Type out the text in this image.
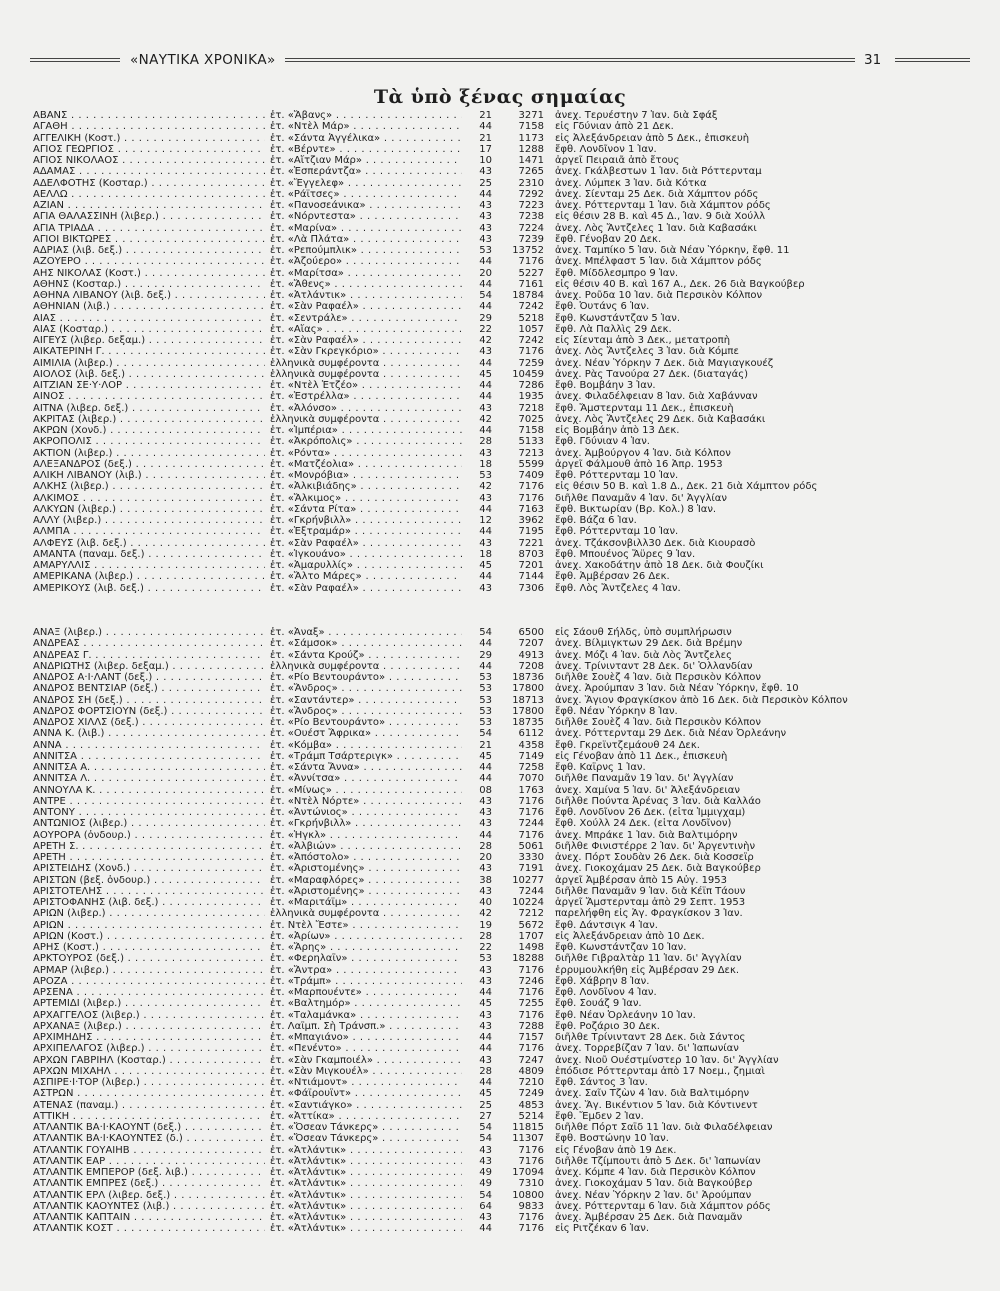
«ΝΑΥΤΙΚΑ ΧΡΟΝΙΚΑ»	31
Τὰ ὑπὸ ξένας σημαίας
ΑΒΑΝΣ . . .	ἐτ. «Ἄβανς» . . .	21	3271 ἀνεχ. Τερυέστην 7 Ἰαν. διὰ Σφάξ
ΑΓΑΘΗ . . .	ἐτ. «Ντὲλ Μάρ» . . .	44	7158 εἰς Γδύνιαν ἀπὸ 21 Δεκ.
ΑΓΓΕΛΙΚΗ (Κοστ.) . . .	ἐτ. «Σάντα Ἀγγέλικα» . . .	21	1173 εἰς Ἀλεξάνδρειαν ἀπὸ 5 Δεκ., ἐπισκευὴ
ΑΓΙΟΣ ΓΕΩΡΓΙΟΣ . . .	ἐτ. «Βέρντε» . . .	17	1288 ἔφθ. Λονδῖνον 1 Ἰαν.
ΑΓΙΟΣ ΝΙΚΟΛΑΟΣ . . .	ἐτ. «Αἴτζιαν Μάρ» . . .	10	1471 ἀργεῖ Πειραιᾶ ἀπὸ ἔτους
ΑΔΑΜΑΣ . . .	ἐτ. «Ἐσπεράντζα» . . .	43	7265 ἀνεχ. Γκάλβεστων 1 Ἰαν. διὰ Ρόττερνταμ
ΑΔΕΛΦΟΤΗΣ (Κοσταρ.) . . .	ἐτ. «Ἔγγελεφ» . . .	25	2310 ἀνεχ. Λύμπεκ 3 Ἰαν. διὰ Κότκα
ΑΕΛΛΩ . . .	ἐτ. «Ράϊτσες» . . .	44	7292 ἀνεχ. Σίενταμ 25 Δεκ. διὰ Χάμπτον ρόδς
ΑΖΙΑΝ . . .	ἐτ. «Πανοσεάνικα» . . .	43	7223 ἀνεχ. Ρόττερνταμ 1 Ἰαν. διὰ Χάμπτον ρόδς
ΑΓΙΑ ΘΑΛΑΣΣΙΝΗ (λιβερ.) . . .	ἐτ. «Νόρντεστα» . . .	43	7238 εἰς θέσιν 28 Β. καὶ 45 Δ., Ἰαν. 9 διὰ Χούλλ
ΑΓΙΑ ΤΡΙΑΔΑ . . .	ἐτ. «Μαρίνα» . . .	43	7224 ἀνεχ. Λὸς Ἄντζελες 1 Ἰαν. διὰ Καβασάκι
ΑΓΙΟΙ ΒΙΚΤΩΡΕΣ . . .	ἐτ. «Λὰ Πλάτα» . . .	43	7239 ἔφθ. Γένοβαν 20 Δεκ.
ΑΔΡΙΑΣ (λιβ. δεξ.) . . .	ἐτ. «Ρεπούμπλικ» . . .	53	13752 ἀνεχ. Ταμπίκο 5 Ἰαν. διὰ Νέαν Ὑόρκην, ἔφθ. 11
ΑΖΟΥΕΡΟ . . .	ἐτ. «Ἀζούερο» . . .	44	7176 ἀνεχ. Μπέλφαστ 5 Ἰαν. διὰ Χάμπτον ρόδς
ΑΗΣ ΝΙΚΟΛΑΣ (Κοστ.) . . .	ἐτ. «Μαρίτσα» . . .	20	5227 ἔφθ. Μίδδλεσμπρο 9 Ἰαν.
ΑΘΗΝΣ (Κοσταρ.) . . .	ἐτ. «Ἄθενς» . . .	44	7161 εἰς θέσιν 40 Β. καὶ 167 Α., Δεκ. 26 διὰ Βαγκούβερ
ΑΘΗΝΑ ΛΙΒΑΝΟΥ (λιβ. δεξ.) . . .	ἐτ. «Ἀτλάντικ» . . .	54	18784 ἀνεχ. Ροῦδα 10 Ἰαν. διὰ Περσικὸν Κόλπον
ΑΘΗΝΙΑΝ (λιβ.) . . .	ἐτ. «Σὰν Ραφαέλ» . . .	44	7242 ἔφθ. Ὀυτάνς 6 Ἰαν.
ΑΙΑΣ . . .	ἐτ. «Σεντράλε» . . .	29	5218 ἔφθ. Κωνστάντζαν 5 Ἰαν.
ΑΙΑΣ (Κοσταρ.) . . .	ἐτ. «Αἴας» . . .	22	1057 ἔφθ. Λὰ Παλλὶς 29 Δεκ.
ΑΙΓΕΥΣ (λιβερ. δεξαμ.) . . .	ἐτ. «Σὰν Ραφαέλ» . . .	42	7242 εἰς Σίενταμ ἀπὸ 3 Δεκ., μετατροπὴ
ΑΙΚΑΤΕΡΙΝΗ Γ. . . .	ἐτ. «Σὰν Γκρεγκόριο» . . .	43	7176 ἀνεχ. Λὸς Ἄντζελες 3 Ἰαν. διὰ Κόμπε
ΑΙΜΙΛΙΑ (λιβερ.) . . .	ἑλληνικὰ συμφέροντα . . .	44	7259 ἀνεχ. Νέαν Ὑόρκην 7 Δεκ. διὰ Μαγιαγκουέζ
ΑΙΟΛΟΣ (λιβ. δεξ.) . . .	ἑλληνικὰ συμφέροντα . . .	45	10459 ἀνεχ. Ρὰς Τανούρα 27 Δεκ. (διαταγάς)
ΑΙΤΖΙΑΝ ΣΕ·Υ·ΛΟΡ . . .	ἐτ. «Ντὲλ Ἐτζέο» . . .	44	7286 ἔφθ. Βομβάην 3 Ἰαν.
ΑΙΝΟΣ . . .	ἐτ. «Ἐστρέλλα» . . .	44	1935 ἀνεχ. Φιλαδέλφειαν 8 Ἰαν. διὰ Χαβάνναν
ΑΙΤΝΑ (λιβερ. δεξ.) . . .	ἐτ. «Ἀλόνσο» . . .	43	7218 ἔφθ. Ἄμστερνταμ 11 Δεκ., ἐπισκευὴ
ΑΚΡΙΤΑΣ (λιβερ.) . . .	ἑλληνικὰ συμφέροντα . . .	42	7025 ἀνεχ. Λὸς Ἄντζελες 29 Δεκ. διὰ Καβασάκι
ΑΚΡΩΝ (Χονδ.) . . .	ἐτ. «Ἰμπέρια» . . .	44	7158 εἰς Βομβάην ἀπὸ 13 Δεκ.
ΑΚΡΟΠΟΛΙΣ . . .	ἐτ. «Ἀκρόπολις» . . .	28	5133 ἔφθ. Γδύνιαν 4 Ἰαν.
ΑΚΤΙΟΝ (λιβερ.) . . .	ἐτ. «Ρόντα» . . .	43	7213 ἀνεχ. Ἀμβούργον 4 Ἰαν. διὰ Κόλπον
ΑΛΕΞΑΝΔΡΟΣ (δεξ.) . . .	ἐτ. «Ματζέολια» . . .	18	5599 ἀργεῖ Φάλμουθ ἀπὸ 16 Ἀπρ. 1953
ΑΛΙΚΗ ΛΙΒΑΝΟΥ (λιβ.) . . .	ἐτ. «Μονρόβια» . . .	53	7409 ἔφθ. Ρόττερνταμ 10 Ἰαν.
ΑΛΚΗΣ (λιβερ.) . . .	ἐτ. «Ἀλκιβιάδης» . . .	42	7176 εἰς θέσιν 50 Β. καὶ 1.8 Δ., Δεκ. 21 διὰ Χάμπτον ρόδς
ΑΛΚΙΜΟΣ . . .	ἐτ. «Ἄλκιμος» . . .	43	7176 διῆλθε Παναμᾶν 4 Ἰαν. δι' Ἀγγλίαν
ΑΛΚΥΩΝ (λιβερ.) . . .	ἐτ. «Σάντα Ρίτα» . . .	44	7163 ἔφθ. Βικτωρίαν (Βρ. Κολ.) 8 Ἰαν.
ΑΛΛΥ (λιβερ.) . . .	ἐτ. «Γκρήνβιλλ» . . .	12	3962 ἔφθ. Βάζα 6 Ἰαν.
ΑΛΜΠΑ . . .	ἐτ. «Ἐξτραμάρ» . . .	44	7195 ἔφθ. Ρόττερνταμ 10 Ἰαν.
ΑΛΦΕΥΣ (λιβ. δεξ.) . . .	ἐτ. «Σὰν Ραφαέλ» . . .	43	7221 ἀνεχ. Τζάκσονβιλλ30 Δεκ. διὰ Κιουρασὸ
ΑΜΑΝΤΑ (παναμ. δεξ.) . . .	ἐτ. «Ἰγκουάνο» . . .	18	8703 ἔφθ. Μπουένος Ἄϋρες 9 Ἰαν.
ΑΜΑΡΥΛΛΙΣ . . .	ἐτ. «Ἀμαρυλλίς» . . .	45	7201 ἀνεχ. Χακοδάτην ἀπὸ 18 Δεκ. διὰ Φουζίκι
ΑΜΕΡΙΚΑΝΑ (λιβερ.) . . .	ἐτ. «Ἄλτο Μάρες» . . .	44	7144 ἔφθ. Ἀμβέρσαν 26 Δεκ.
ΑΜΕΡΙΚΟΥΣ (λιβ. δεξ.) . . .	ἐτ. «Σὰν Ραφαέλ» . . .	43	7306 ἔφθ. Λὸς Ἄντζελες 4 Ἰαν.
ΑΝΑΞ (λιβερ.) . . .	ἐτ. «Ἀναξ» . . .	54	6500 εἰς Σάουθ Σήλδς, ὑπὸ συμπλήρωσιν
ΑΝΔΡΕΑΣ . . .	ἐτ. «Σάμσοκ» . . .	44	7207 ἀνεχ. Βίλμιγκτων 29 Δεκ. διὰ Βρέμην
ΑΝΔΡΕΑΣ Γ. . . .	ἐτ. «Σάντα Κρούζ» . . .	29	4913 ἀνεχ. Μόζι 4 Ἰαν. διὰ Λὸς Ἄντζελες
ΑΝΔΡΙΩΤΗΣ (λιβερ. δεξαμ.) . . .	ἑλληνικὰ συμφέροντα . . .	44	7208 ἀνεχ. Τρίνινταντ 28 Δεκ. δι' Ὁλλανδίαν
ΑΝΔΡΟΣ Α·Ι·ΛΑΝΤ (δεξ.) . . .	ἐτ. «Ρίο Βεντουράντο» . . .	53	18736 διῆλθε Σουὲζ 4 Ἰαν. διὰ Περσικὸν Κόλπον
ΑΝΔΡΟΣ ΒΕΝΤΣΙΑΡ (δεξ.) . . .	ἐτ. «Ἄνδρος» . . .	53	17800 ἀνεχ. Ἀρούμπαν 3 Ἰαν. διὰ Νέαν Ὑόρκην, ἔφθ. 10
ΑΝΔΡΟΣ ΣΗ (δεξ.) . . .	ἐτ. «Σαντάντερ» . . .	53	18713 ἀνεχ. Ἅγιον Φραγκίσκον ἀπὸ 16 Δεκ. διὰ Περσικὸν Κόλπον
ΑΝΔΡΟΣ ΦΟΡΤΣΙΟΥΝ (δεξ.) . . .	ἐτ. «Ἄνδρος» . . .	53	17800 ἔφθ. Νέαν Ὑόρκην 8 Ἰαν.
ΑΝΔΡΟΣ ΧΙΛΛΣ (δεξ.) . . .	ἐτ. «Ρίο Βεντουράντο» . . .	53	18735 διῆλθε Σουὲζ 4 Ἰαν. διὰ Περσικὸν Κόλπον
ΑΝΝΑ Κ. (λιβ.) . . .	ἐτ. «Ουέστ Ἄφρικα» . . .	54	6112 ἀνεχ. Ρόττερνταμ 29 Δεκ. διὰ Νέαν Ὀρλεάνην
ΑΝΝΑ . . .	ἐτ. «Κόμβα» . . .	21	4358 ἔφθ. Γκρεϊντζεμάουθ 24 Δεκ.
ΑΝΝΙΤΣΑ . . .	ἐτ. «Τράμπ Τσάρτεριγκ» . . .	45	7149 εἰς Γένοβαν ἀπὸ 11 Δεκ., ἐπισκευὴ
ΑΝΝΙΤΣΑ Α. . . .	ἐτ. «Σάντα Ἄννα» . . .	44	7258 ἔφθ. Καΐρνς 1 Ἰαν.
ΑΝΝΙΤΣΑ Λ. . . .	ἐτ. «Ἀννίτσα» . . .	44	7070 διῆλθε Παναμᾶν 19 Ἰαν. δι' Ἀγγλίαν
ΑΝΝΟΥΛΑ Κ. . . .	ἐτ. «Μίνως» . . .	08	1763 ἀνεχ. Χαμίνα 5 Ἰαν. δι' Ἀλεξάνδρειαν
ΑΝΤΡΕ . . .	ἐτ. «Ντὲλ Νόρτε» . . .	43	7176 διῆλθε Πούντα Ἀρένας 3 Ἰαν. διὰ Καλλάο
ΑΝΤΟΝΥ . . .	ἐτ. «Ἀντώνιος» . . .	43	7176 ἔφθ. Λονδῖνον 26 Δεκ. (εἶτα Ἰμμιγχαμ)
ΑΝΤΩΝΙΟΣ (λιβερ.) . . .	ἐτ. «Γκρήνβιλλ» . . .	43	7244 ἔφθ. Χούλλ 24 Δεκ. (εἶτα Λονδῖνον)
ΑΟΥΡΟΡΑ (ὀνδουρ.) . . .	ἐτ. «Ἠγκλ» . . .	44	7176 ἀνεχ. Μπράκε 1 Ἰαν. διὰ Βαλτιμόρην
ΑΡΕΤΗ Σ. . . .	ἐτ. «Ἀλβιών» . . .	28	5061 διῆλθε Φινιστέρρε 2 Ἰαν. δι' Ἀργεντινὴν
ΑΡΕΤΗ . . .	ἐτ. «Ἀπόστολο» . . .	20	3330 ἀνεχ. Πόρτ Σουδὰν 26 Δεκ. διὰ Κοσσεΐρ
ΑΡΙΣΤΕΙΔΗΣ (Χονδ.) . . .	ἐτ. «Ἀριστομένης» . . .	43	7191 ἀνεχ. Γιοκοχάμαν 25 Δεκ. διὰ Βαγκούβερ
ΑΡΙΣΤΩΝ (βεξ. ὀνδουρ.) . . .	ἐτ. «Μαραφλόρες» . . .	38	10277 ἀργεῖ Ἀμβέρσαν ἀπὸ 15 Αὐγ. 1953
ΑΡΙΣΤΟΤΕΛΗΣ . . .	ἐτ. «Ἀριστομένης» . . .	43	7244 διῆλθε Παναμᾶν 9 Ἰαν. διὰ Κέϊπ Τάουν
ΑΡΙΣΤΟΦΑΝΗΣ (λιβ. δεξ.) . . .	ἐτ. «Μαριτάϊμ» . . .	40	10224 ἀργεῖ Ἄμστερνταμ ἀπὸ 29 Σεπτ. 1953
ΑΡΙΩΝ (λιβερ.) . . .	ἑλληνικὰ συμφέροντα . . .	42	7212 παρελήφθη εἰς Ἁγ. Φραγκίσκον 3 Ἰαν.
ΑΡΙΩΝ . . .	ἐτ. Ντὲλ Ἔστε» . . .	19	5672 ἔφθ. Δάντσιγκ 4 Ἰαν.
ΑΡΙΩΝ (Κοστ.) . . .	ἐτ. «Ἀρίων» . . .	28	1707 εἰς Ἀλεξάνδρειαν ἀπὸ 10 Δεκ.
ΑΡΗΣ (Κοστ.) . . .	ἐτ. «Ἄρης» . . .	22	1498 ἔφθ. Κωνστάντζαν 10 Ἰαν.
ΑΡΚΤΟΥΡΟΣ (δεξ.) . . .	ἐτ. «Φερηλαΐν» . . .	53	18288 διῆλθε Γιβραλτὰρ 11 Ἰαν. δι' Ἀγγλίαν
ΑΡΜΑΡ (λιβερ.) . . .	ἐτ. «Ἄντρα» . . .	43	7176 ἐρρυμουλκήθη εἰς Ἀμβέρσαν 29 Δεκ.
ΑΡΟΖΑ . . .	ἐτ. «Τράμπ» . . .	43	7246 ἔφθ. Χάβρην 8 Ἰαν.
ΑΡΣΕΝΑ . . .	ἐτ. «Μαρπουέντε» . . .	44	7176 ἔφθ. Λονδῖνον 4 Ἰαν.
ΑΡΤΕΜΙΔΙ (λιβερ.) . . .	ἐτ. «Βαλτημόρ» . . .	45	7255 ἔφθ. Σουάζ 9 Ἰαν.
ΑΡΧΑΓΓΕΛΟΣ (λιβερ.) . . .	ἐτ. «Ταλαμάνκα» . . .	43	7176 ἔφθ. Νέαν Ὀρλεάνην 10 Ἰαν.
ΑΡΧΑΝΑΞ (λιβερ.) . . .	ἐτ. Λαΐμπ. Σὴ Τράνσπ.» . . .	43	7288 ἔφθ. Ροζάριο 30 Δεκ.
ΑΡΧΙΜΗΔΗΣ . . .	ἐτ. «Μπαγιάνο» . . .	44	7157 διῆλθε Τρίνινταντ 28 Δεκ. διὰ Σάντος
ΑΡΧΙΠΕΛΑΓΟΣ (λιβερ.) . . .	ἐτ. «Πενέντο» . . .	44	7176 ἀνεχ. Τορρεβίζαν 7 Ἰαν. δι' Ἰαπωνίαν
ΑΡΧΩΝ ΓΑΒΡΙΗΛ (Κοσταρ.) . . .	ἐτ. «Σὰν Γκαμποιέλ» . . .	43	7247 ἀνεχ. Νιοῦ Ουέστμίνστερ 10 Ἰαν. δι' Ἀγγλίαν
ΑΡΧΩΝ ΜΙΧΑΗΛ . . .	ἐτ. «Σὰν Μιγκουέλ» . . .	28	4809 ἐπόδισε Ρόττερνταμ ἀπὸ 17 Νοεμ., ζημιαὶ
ΑΣΠΙΡΕ·Ι·ΤΟΡ (λιβερ.) . . .	ἐτ. «Ντιάμοντ» . . .	44	7210 ἔφθ. Σάντος 3 Ἰαν.
ΑΣΤΡΩΝ . . .	ἐτ. «Φάϊρουΐντ» . . .	45	7249 ἀνεχ. Σαῖν Τζὼν 4 Ἰαν. διὰ Βαλτιμόρην
ΑΤΕΝΑΣ (παναμ.) . . .	ἐτ. «Σαντιάγκο» . . .	25	4853 ἀνεχ. Ἅγ. Βικέντιον 5 Ἰαν. διὰ Κόντινεντ
ΑΤΤΙΚΗ . . .	ἐτ. «Ἀττίκα» . . .	27	5214 ἔφθ. Ἔμδεν 2 Ἰαν.
ΑΤΛΑΝΤΙΚ ΒΑ·Ι·ΚΑΟΥΝΤ (δεξ.) . . .	ἐτ. «Ὄσεαν Τάνκερς» . . .	54	11815 διῆλθε Πόρτ Σαΐδ 11 Ἰαν. διὰ Φιλαδέλφειαν
ΑΤΛΑΝΤΙΚ ΒΑ·Ι·ΚΑΟΥΝΤΕΣ (δ.) . . .	ἐτ. «Ὄσεαν Τάνκερς» . . .	54	11307 ἔφθ. Βοστώνην 10 Ἰαν.
ΑΤΛΑΝΤΙΚ ΓΟΥΑΙΗΒ . . .	ἐτ. «Ἀτλάντικ» . . .	43	7176 εἰς Γένοβαν ἀπὸ 19 Δεκ.
ΑΤΛΑΝΤΙΚ ΕΑΡ . . .	ἐτ. «Ἀτλάντικ» . . .	43	7176 διῆλθε Τζίμπουτι ἀπὸ 5 Δεκ. δι' Ἰαπωνίαν
ΑΤΛΑΝΤΙΚ ΕΜΠΕΡΟΡ (δεξ. λιβ.) . . .	ἐτ. «Ἀτλάντικ» . . .	49	17094 ἀνεχ. Κόμπε 4 Ἰαν. διὰ Περσικὸν Κόλπον
ΑΤΛΑΝΤΙΚ ΕΜΠΡΕΣ (δεξ.) . . .	ἐτ. «Ἀτλάντικ» . . .	49	7310 ἀνεχ. Γιοκοχάμαν 5 Ἰαν. διὰ Βαγκούβερ
ΑΤΛΑΝΤΙΚ ΕΡΛ (λιβερ. δεξ.) . . .	ἐτ. «Ἀτλάντικ» . . .	54	10800 ἀνεχ. Νέαν Ὑόρκην 2 Ἰαν. δι' Ἀρούμπαν
ΑΤΛΑΝΤΙΚ ΚΑΟΥΝΤΕΣ (λιβ.) . . .	ἐτ. «Ἀτλάντικ» . . .	64	9833 ἀνεχ. Ρόττερνταμ 6 Ἰαν. διὰ Χάμπτον ρόδς
ΑΤΛΑΝΤΙΚ ΚΑΠΤΑΙΝ . . .	ἐτ. «Ἀτλάντικ» . . .	43	7176 ἀνεχ. Ἀμβέρσαν 25 Δεκ. διὰ Παναμᾶν
ΑΤΛΑΝΤΙΚ ΚΟΣΤ . . .	ἐτ. «Ἀτλάντικ» . . .	44	7176 εἰς Ριτζέκαν 6 Ἰαν.
